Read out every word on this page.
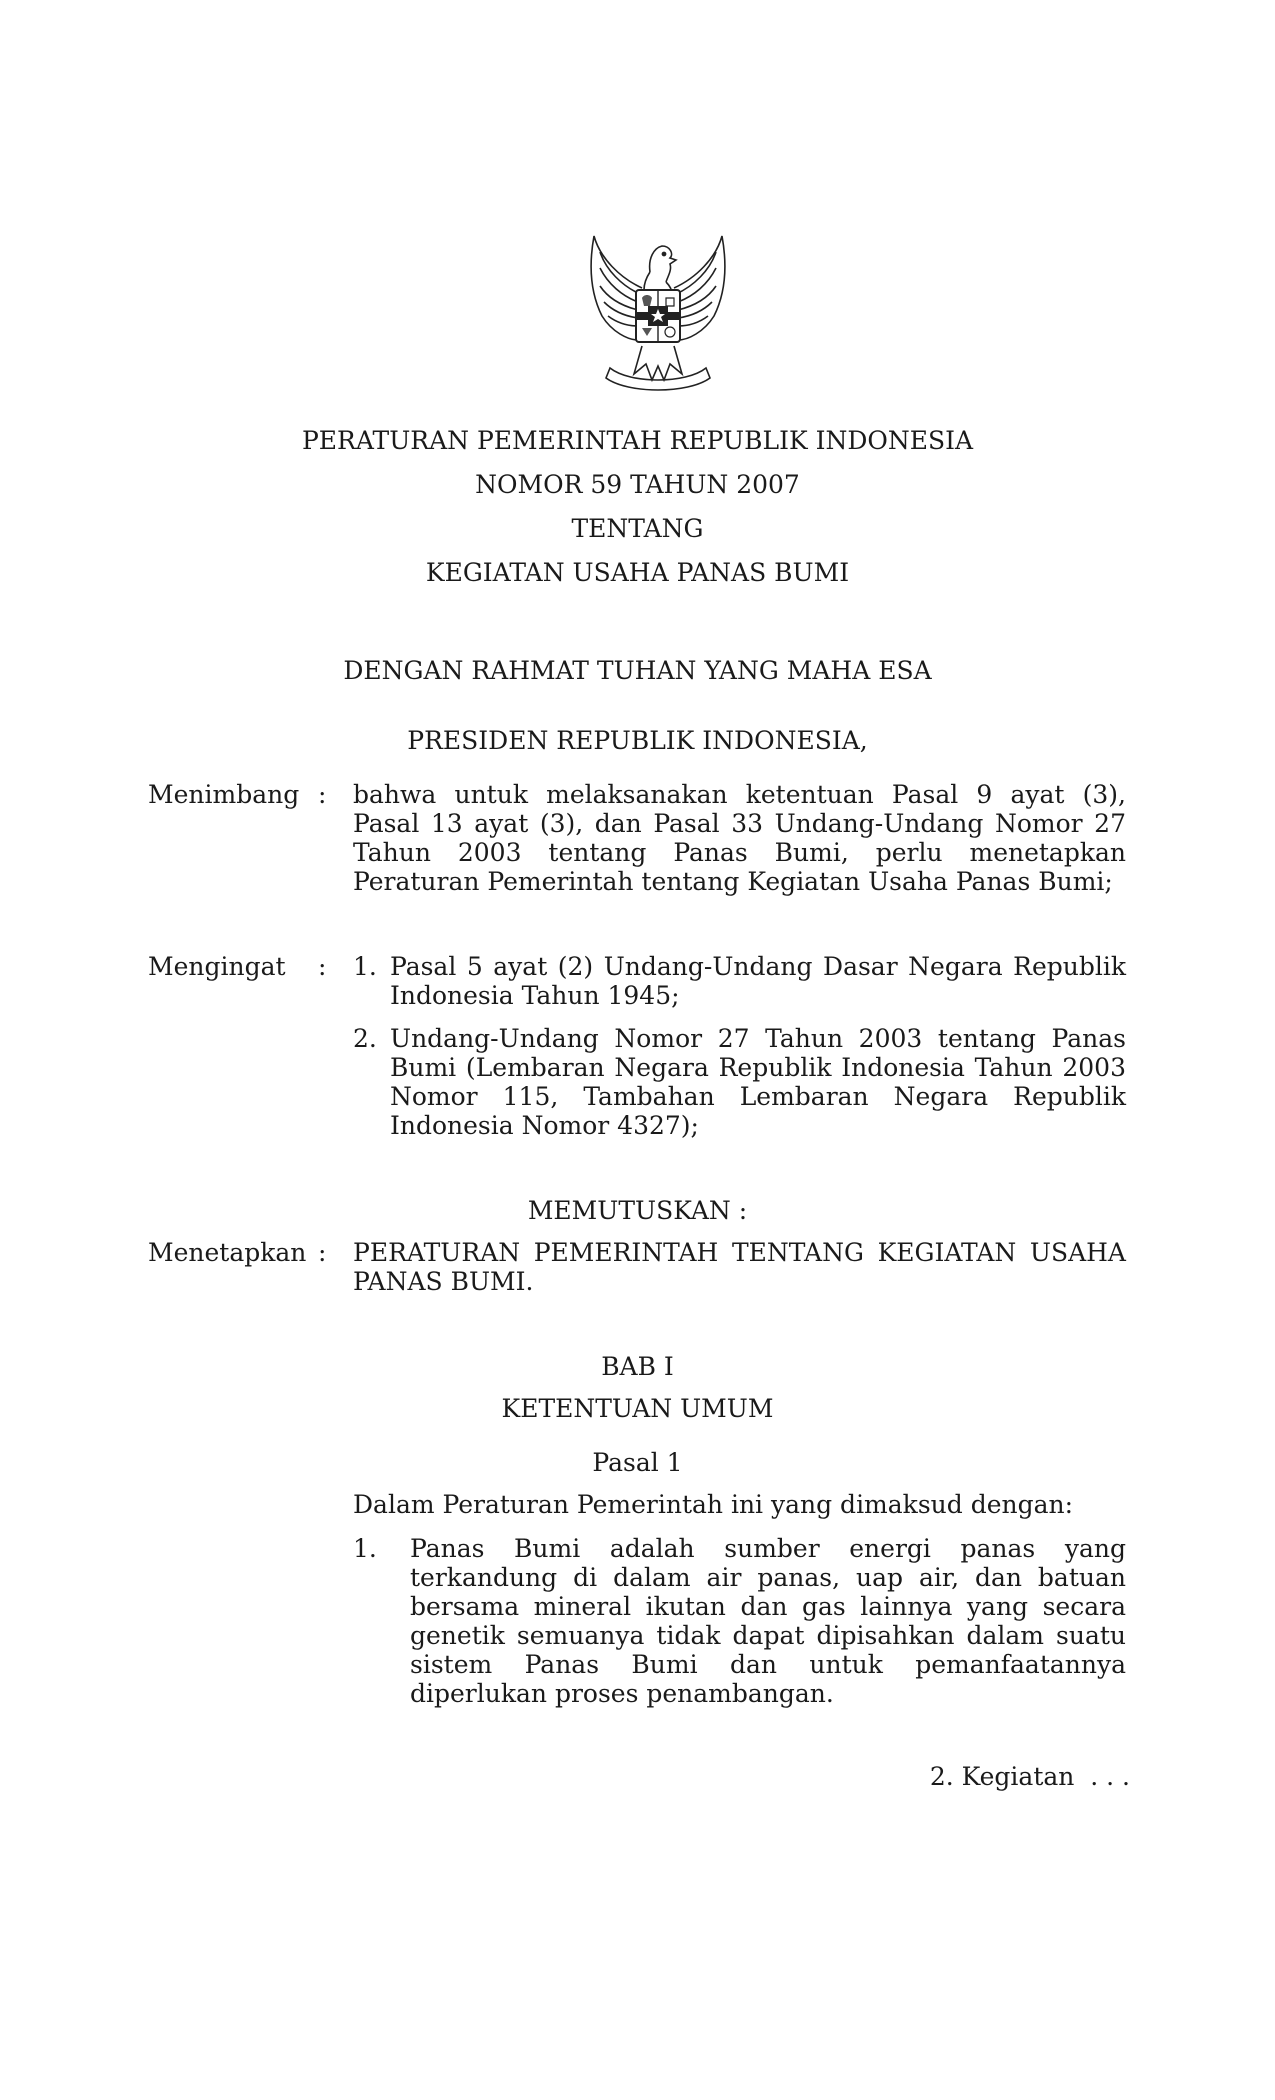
PERATURAN PEMERINTAH REPUBLIK INDONESIA
NOMOR 59 TAHUN 2007
TENTANG
KEGIATAN USAHA PANAS BUMI
DENGAN RAHMAT TUHAN YANG MAHA ESA
PRESIDEN REPUBLIK INDONESIA,
Menimbang : bahwa untuk melaksanakan ketentuan Pasal 9 ayat (3), Pasal 13 ayat (3), dan Pasal 33 Undang-Undang Nomor 27 Tahun 2003 tentang Panas Bumi, perlu menetapkan Peraturan Pemerintah tentang Kegiatan Usaha Panas Bumi;
Mengingat : 1. Pasal 5 ayat (2) Undang-Undang Dasar Negara Republik Indonesia Tahun 1945;
2. Undang-Undang Nomor 27 Tahun 2003 tentang Panas Bumi (Lembaran Negara Republik Indonesia Tahun 2003 Nomor 115, Tambahan Lembaran Negara Republik Indonesia Nomor 4327);
MEMUTUSKAN :
Menetapkan : PERATURAN PEMERINTAH TENTANG KEGIATAN USAHA PANAS BUMI.
BAB I
KETENTUAN UMUM
Pasal 1
Dalam Peraturan Pemerintah ini yang dimaksud dengan:
1. Panas Bumi adalah sumber energi panas yang terkandung di dalam air panas, uap air, dan batuan bersama mineral ikutan dan gas lainnya yang secara genetik semuanya tidak dapat dipisahkan dalam suatu sistem Panas Bumi dan untuk pemanfaatannya diperlukan proses penambangan.
2. Kegiatan  . . .
